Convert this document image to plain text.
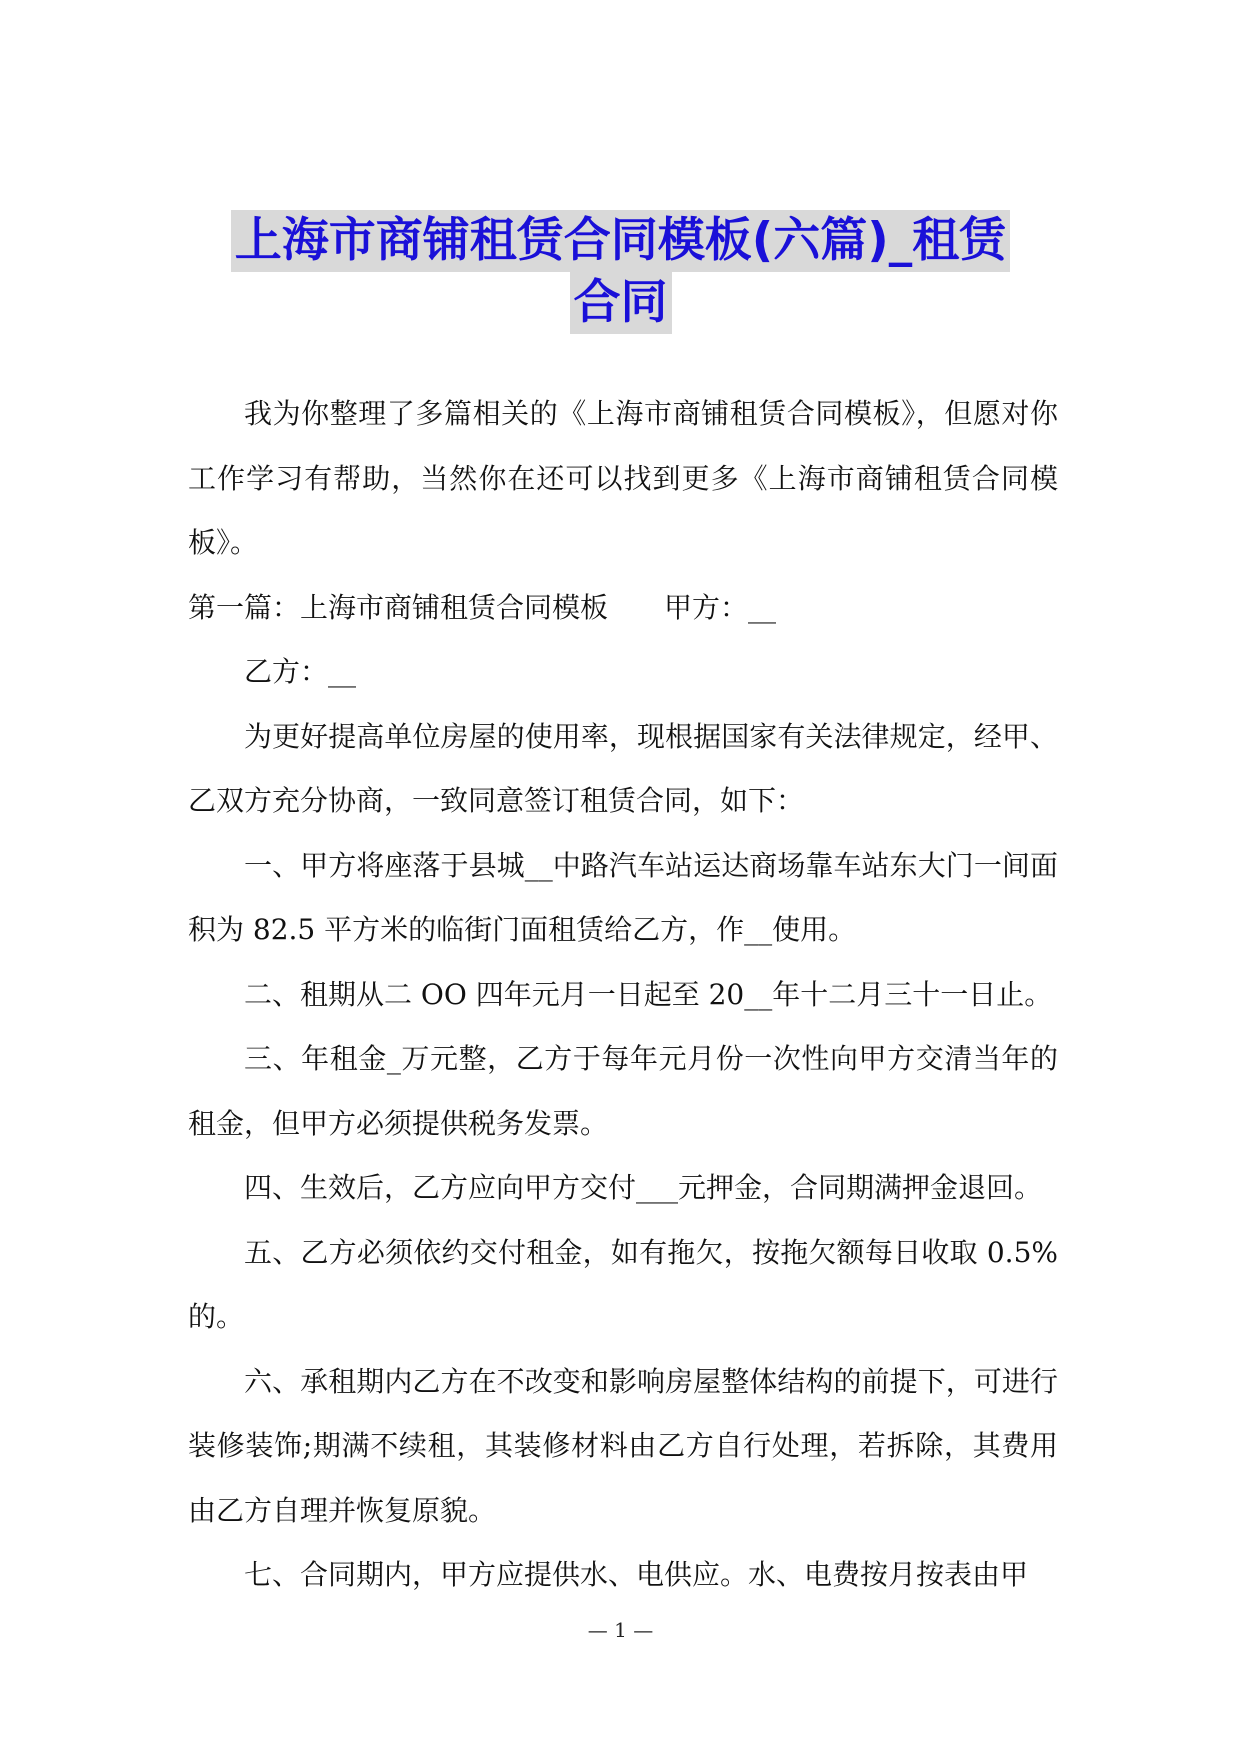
上海市商铺租赁合同模板(六篇)_租赁
合同

我为你整理了多篇相关的《上海市商铺租赁合同模板》，但愿对你工作学习有帮助，当然你在还可以找到更多《上海市商铺租赁合同模板》。

第一篇：上海市商铺租赁合同模板　　甲方：__

乙方：__

为更好提高单位房屋的使用率，现根据国家有关法律规定，经甲、乙双方充分协商，一致同意签订租赁合同，如下：

一、甲方将座落于县城__中路汽车站运达商场靠车站东大门一间面积为 82.5 平方米的临街门面租赁给乙方，作__使用。

二、租期从二 OO 四年元月一日起至 20__年十二月三十一日止。

三、年租金_万元整，乙方于每年元月份一次性向甲方交清当年的租金，但甲方必须提供税务发票。

四、生效后，乙方应向甲方交付___元押金，合同期满押金退回。

五、乙方必须依约交付租金，如有拖欠，按拖欠额每日收取 0.5%的。

六、承租期内乙方在不改变和影响房屋整体结构的前提下，可进行装修装饰;期满不续租，其装修材料由乙方自行处理，若拆除，其费用由乙方自理并恢复原貌。

七、合同期内，甲方应提供水、电供应。水、电费按月按表由甲

— 1 —
